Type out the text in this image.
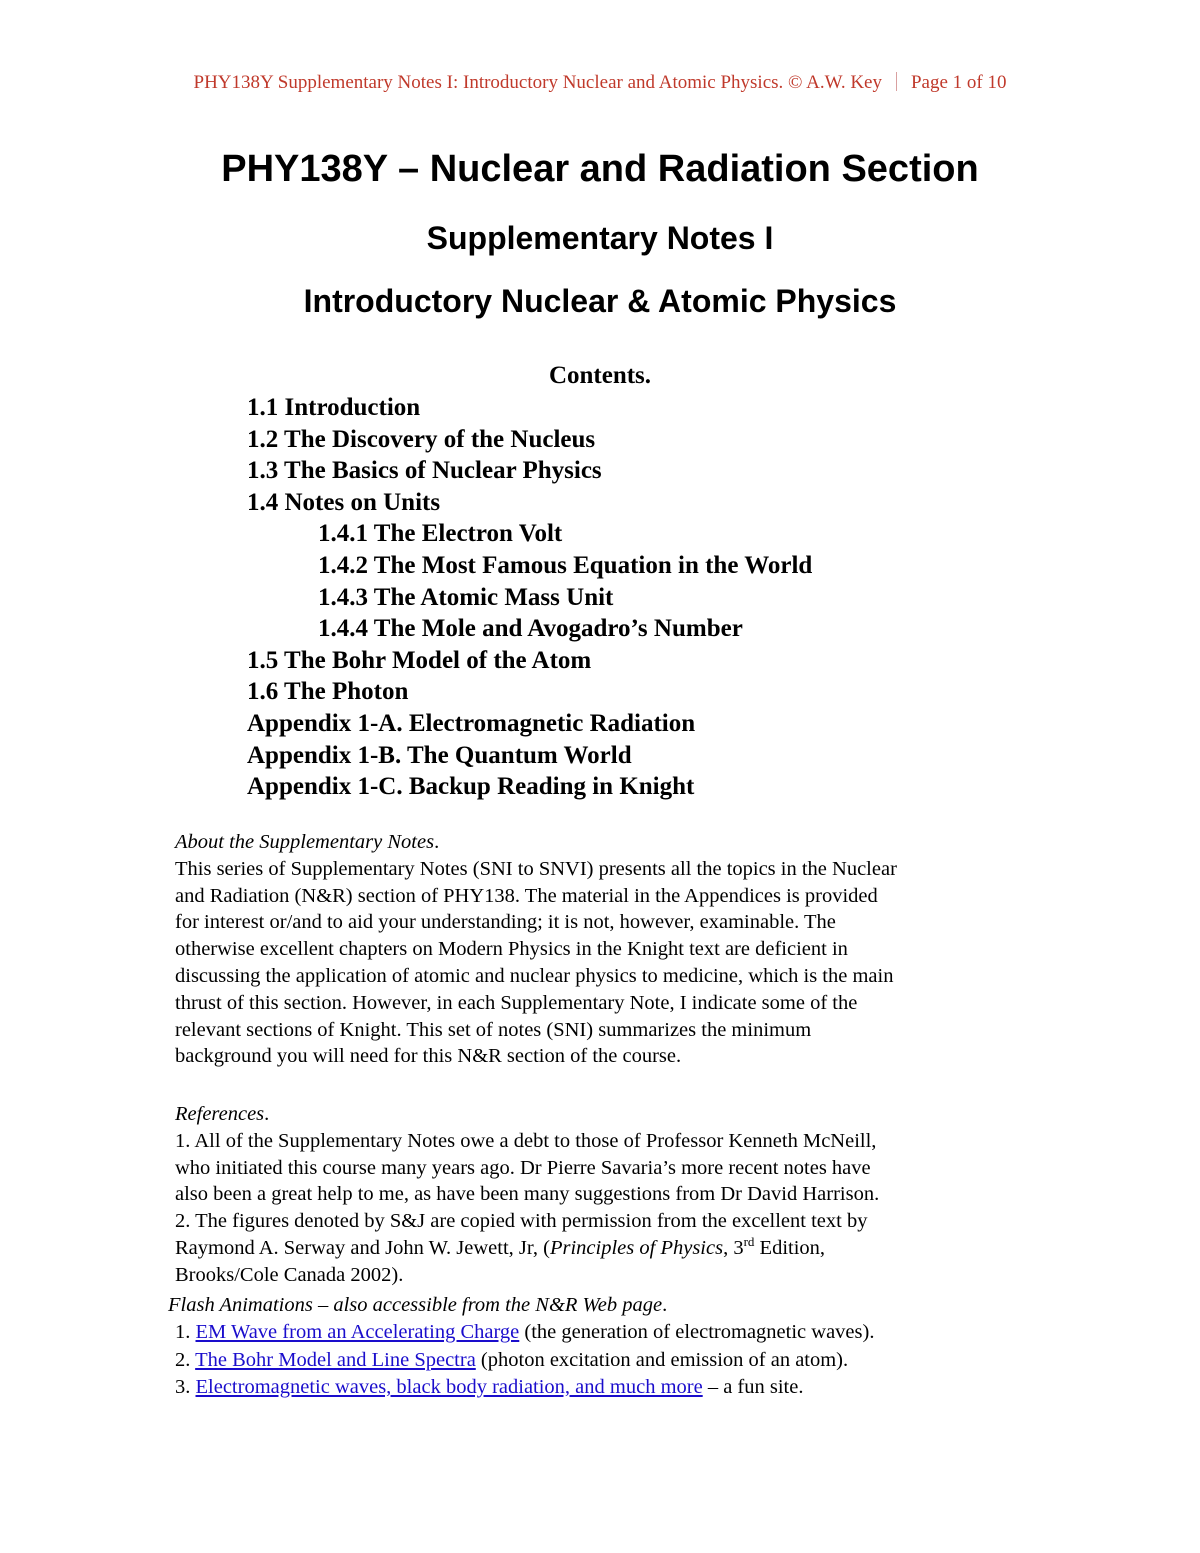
PHY138Y Supplementary Notes I: Introductory Nuclear and Atomic Physics. © A.W. Key Page 1 of 10
PHY138Y – Nuclear and Radiation Section
Supplementary Notes I
Introductory Nuclear & Atomic Physics
Contents.
1.1 Introduction
1.2 The Discovery of the Nucleus
1.3 The Basics of Nuclear Physics
1.4 Notes on Units
1.4.1 The Electron Volt
1.4.2 The Most Famous Equation in the World
1.4.3 The Atomic Mass Unit
1.4.4 The Mole and Avogadro’s Number
1.5 The Bohr Model of the Atom
1.6 The Photon
Appendix 1-A. Electromagnetic Radiation
Appendix 1-B. The Quantum World
Appendix 1-C. Backup Reading in Knight

About the Supplementary Notes.

This series of Supplementary Notes (SNI to SNVI) presents all the topics in the Nuclear

and Radiation (N&R) section of PHY138. The material in the Appendices is provided

for interest or/and to aid your understanding; it is not, however, examinable. The

otherwise excellent chapters on Modern Physics in the Knight text are deficient in

discussing the application of atomic and nuclear physics to medicine, which is the main

thrust of this section. However, in each Supplementary Note, I indicate some of the

relevant sections of Knight. This set of notes (SNI) summarizes the minimum

background you will need for this N&R section of the course.

References.

1. All of the Supplementary Notes owe a debt to those of Professor Kenneth McNeill,

who initiated this course many years ago. Dr Pierre Savaria’s more recent notes have

also been a great help to me, as have been many suggestions from Dr David Harrison.

2. The figures denoted by S&J are copied with permission from the excellent text by

Raymond A. Serway and John W. Jewett, Jr, (Principles of Physics, 3rd Edition,

Brooks/Cole Canada 2002).

Flash Animations – also accessible from the N&R Web page.

1. EM Wave from an Accelerating Charge (the generation of electromagnetic waves).

2. The Bohr Model and Line Spectra (photon excitation and emission of an atom).

3. Electromagnetic waves, black body radiation, and much more – a fun site.
